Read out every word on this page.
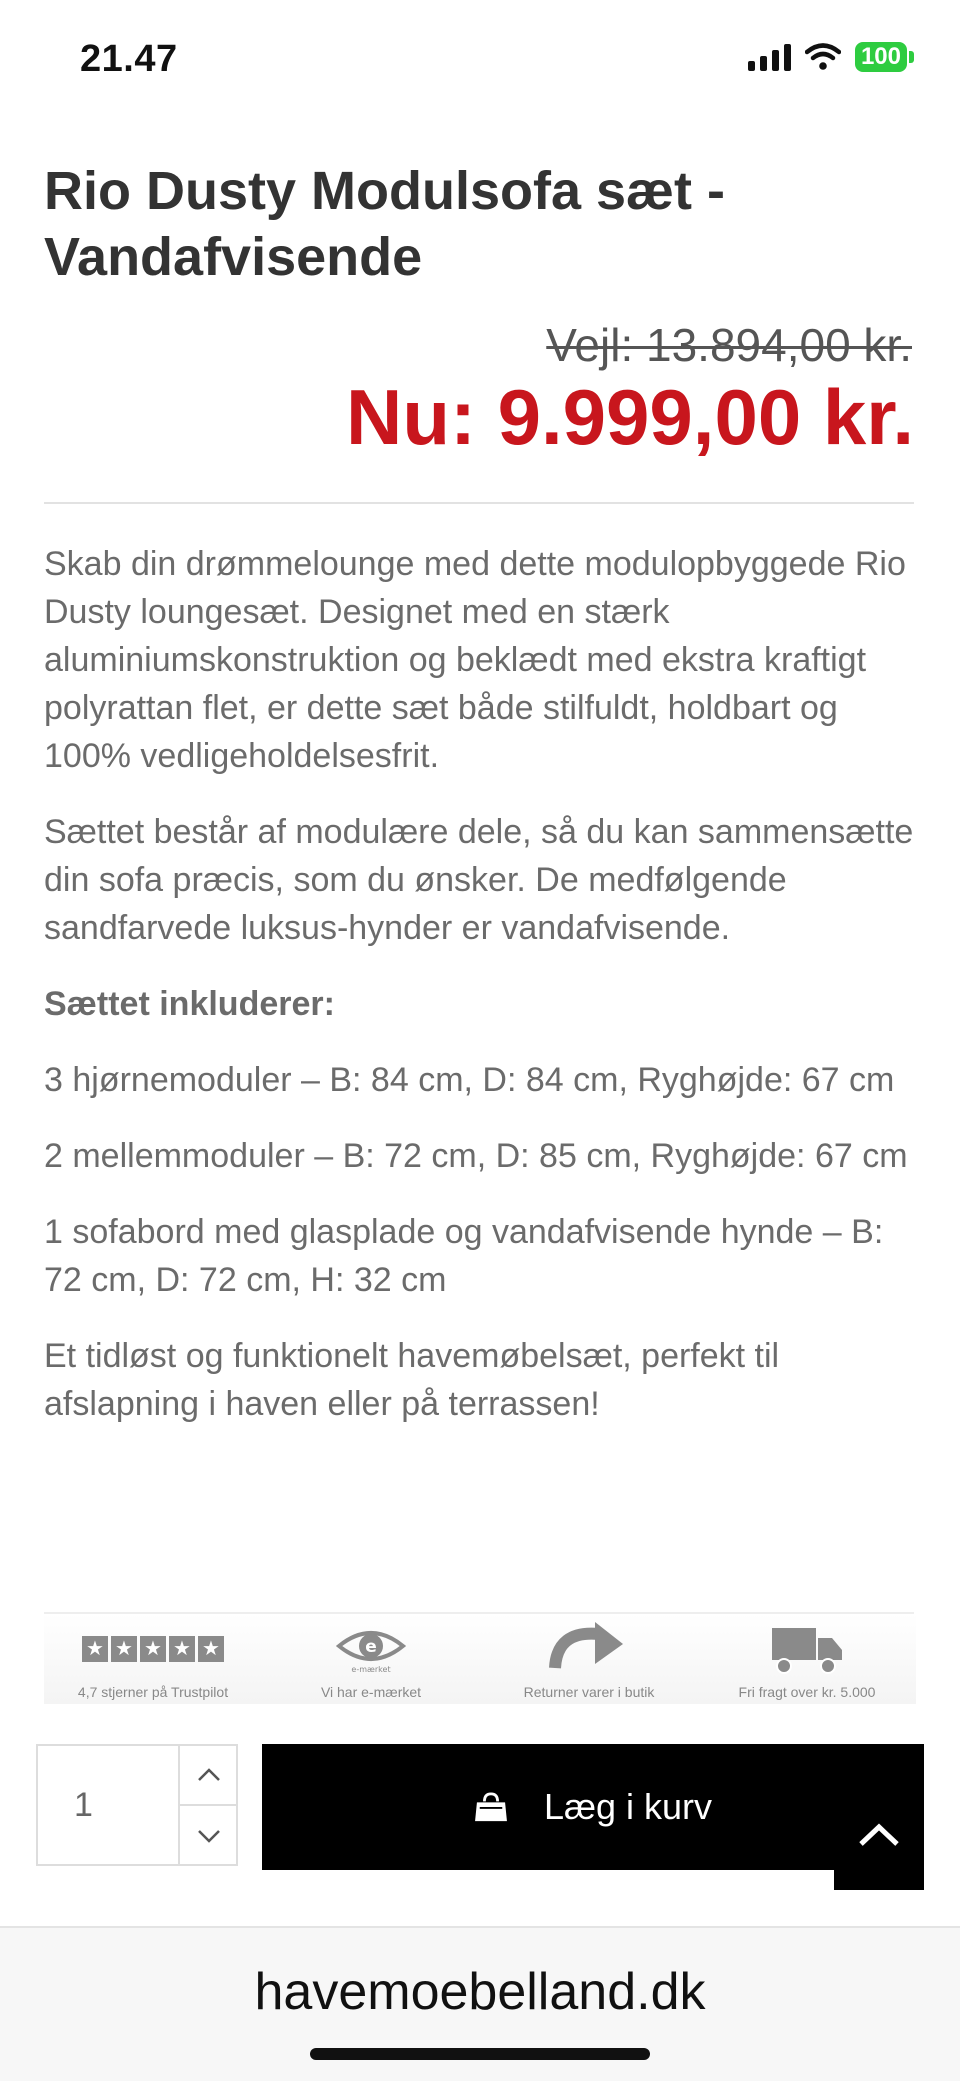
21.47	100
Rio Dusty Modulsofa sæt - Vandafvisende
Vejl: 13.894,00 kr.
Nu: 9.999,00 kr.

Skab din drømmelounge med dette modulopbyggede Rio Dusty loungesæt. Designet med en stærk aluminiumskonstruktion og beklædt med ekstra kraftigt polyrattan flet, er dette sæt både stilfuldt, holdbart og 100% vedligeholdelsesfrit.

Sættet består af modulære dele, så du kan sammensætte din sofa præcis, som du ønsker. De medfølgende sandfarvede luksus-hynder er vandafvisende.

Sættet inkluderer:

3 hjørnemoduler – B: 84 cm, D: 84 cm, Ryghøjde: 67 cm

2 mellemmoduler – B: 72 cm, D: 85 cm, Ryghøjde: 67 cm

1 sofabord med glasplade og vandafvisende hynde – B: 72 cm, D: 72 cm, H: 32 cm

Et tidløst og funktionelt havemøbelsæt, perfekt til afslapning i haven eller på terrassen!

★ ★ ★ ★ ★
4,7 stjerner på Trustpilot
e
e-mærket
Vi har e-mærket	Returner varer i butik	Fri fragt over kr. 5.000
1	Læg i kurv
havemoebelland.dk
